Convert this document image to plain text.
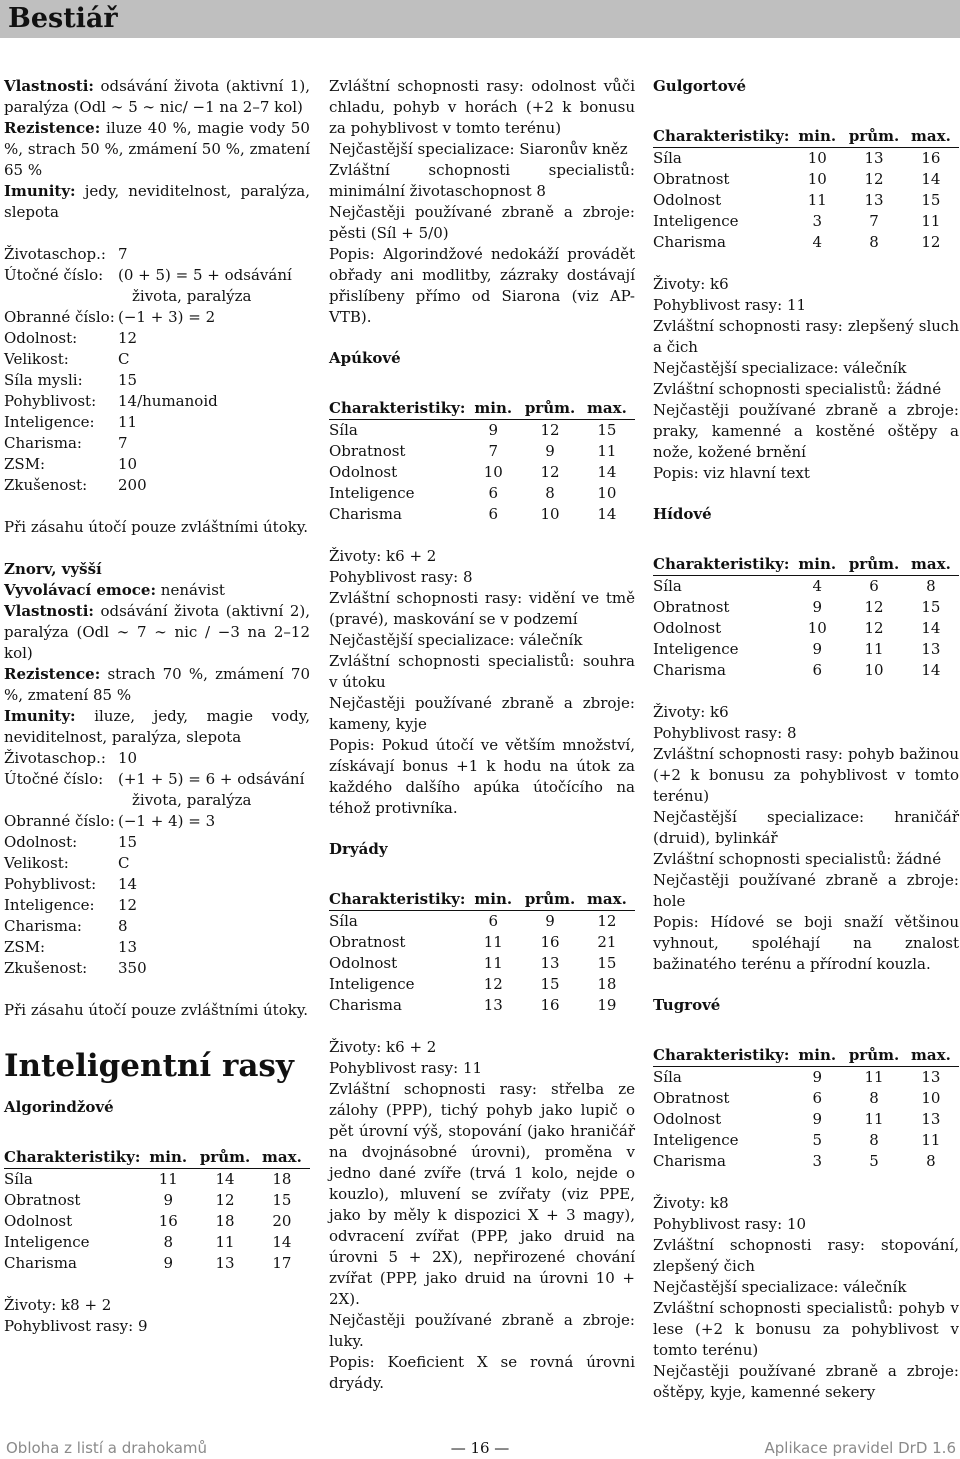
Bestiář

Vlastnosti: odsávání života (aktivní 1), paralýza (Odl ∼ 5 ∼ nic/ −1 na 2–7 kol)

Rezistence: iluze 40 %, magie vody 50 %, strach 50 %, zmámení 50 %, zmatení 65 %

Imunity: jedy, neviditelnost, paralýza, slepota

Životaschop.: 7
Útočné číslo: (0 + 5) = 5 + odsávání
života, paralýza
Obranné číslo: (−1 + 3) = 2
Odolnost:	12
Velikost:	C
Síla mysli:	15
Pohyblivost:	14/humanoid
Inteligence:	11
Charisma:	7
ZSM:	10
Zkušenost:	200

Při zásahu útočí pouze zvláštními útoky.

Znorv, vyšší

Vyvolávací emoce: nenávist

Vlastnosti: odsávání života (aktivní 2), paralýza (Odl ∼ 7 ∼ nic / −3 na 2–12 kol)

Rezistence: strach 70 %, zmámení 70 %, zmatení 85 %

Imunity: iluze, jedy, magie vody, neviditelnost, paralýza, slepota

Životaschop.: 10
Útočné číslo: (+1 + 5) = 6 + odsávání
života, paralýza
Obranné číslo: (−1 + 4) = 3
Odolnost:	15
Velikost:	C
Pohyblivost:	14
Inteligence:	12
Charisma:	8
ZSM:	13
Zkušenost:	350

Při zásahu útočí pouze zvláštními útoky.

Inteligentní rasy
Algorindžové
Charakteristiky:	min.	prům.	max.
Síla	11	14	18
Obratnost	9	12	15
Odolnost	16	18	20
Inteligence	8	11	14
Charisma	9	13	17

Životy: k8 + 2

Pohyblivost rasy: 9

Zvláštní schopnosti rasy: odolnost vůči chladu, pohyb v horách (+2 k bonusu za pohyblivost v tomto terénu)

Nejčastější specializace: Siaronův kněz

Zvláštní schopnosti specialistů: minimální životaschopnost 8

Nejčastěji používané zbraně a zbroje: pěsti (Síl + 5/0)

Popis: Algorindžové nedokáží provádět obřady ani modlitby, zázraky dostávají přislíbeny přímo od Siarona (viz AP-VTB).

Apúkové
Charakteristiky:	min.	prům.	max.
Síla	9	12	15
Obratnost	7	9	11
Odolnost	10	12	14
Inteligence	6	8	10
Charisma	6	10	14

Životy: k6 + 2

Pohyblivost rasy: 8

Zvláštní schopnosti rasy: vidění ve tmě (pravé), maskování se v podzemí

Nejčastější specializace: válečník

Zvláštní schopnosti specialistů: souhra v útoku

Nejčastěji používané zbraně a zbroje: kameny, kyje

Popis: Pokud útočí ve větším množství, získávají bonus +1 k hodu na útok za každého dalšího apúka útočícího na téhož protivníka.

Dryády
Charakteristiky:	min.	prům.	max.
Síla	6	9	12
Obratnost	11	16	21
Odolnost	11	13	15
Inteligence	12	15	18
Charisma	13	16	19

Životy: k6 + 2

Pohyblivost rasy: 11

Zvláštní schopnosti rasy: střelba ze zálohy (PPP), tichý pohyb jako lupič o pět úrovní výš, stopování (jako hraničář na dvojnásobné úrovni), proměna v jedno dané zvíře (trvá 1 kolo, nejde o kouzlo), mluvení se zvířaty (viz PPE, jako by měly k dispozici X + 3 magy), odvracení zvířat (PPP, jako druid na úrovni 5 + 2X), nepřirozené chování zvířat (PPP, jako druid na úrovni 10 + 2X).

Nejčastěji používané zbraně a zbroje: luky.

Popis: Koeficient X se rovná úrovni dryády.

Gulgortové
Charakteristiky:	min.	prům.	max.
Síla	10	13	16
Obratnost	10	12	14
Odolnost	11	13	15
Inteligence	3	7	11
Charisma	4	8	12

Životy: k6

Pohyblivost rasy: 11

Zvláštní schopnosti rasy: zlepšený sluch a čich

Nejčastější specializace: válečník

Zvláštní schopnosti specialistů: žádné

Nejčastěji používané zbraně a zbroje: praky, kamenné a kostěné oštěpy a nože, kožené brnění

Popis: viz hlavní text

Hídové
Charakteristiky:	min.	prům.	max.
Síla	4	6	8
Obratnost	9	12	15
Odolnost	10	12	14
Inteligence	9	11	13
Charisma	6	10	14

Životy: k6

Pohyblivost rasy: 8

Zvláštní schopnosti rasy: pohyb bažinou (+2 k bonusu za pohyblivost v tomto terénu)

Nejčastější specializace: hraničář (druid), bylinkář

Zvláštní schopnosti specialistů: žádné

Nejčastěji používané zbraně a zbroje: hole

Popis: Hídové se boji snaží většinou vyhnout, spoléhají na znalost bažinatého terénu a přírodní kouzla.

Tugrové
Charakteristiky:	min.	prům.	max.
Síla	9	11	13
Obratnost	6	8	10
Odolnost	9	11	13
Inteligence	5	8	11
Charisma	3	5	8

Životy: k8

Pohyblivost rasy: 10

Zvláštní schopnosti rasy: stopování, zlepšený čich

Nejčastější specializace: válečník

Zvláštní schopnosti specialistů: pohyb v lese (+2 k bonusu za pohyblivost v tomto terénu)

Nejčastěji používané zbraně a zbroje: oštěpy, kyje, kamenné sekery

Obloha z listí a drahokamů	— 16 —	Aplikace pravidel DrD 1.6
